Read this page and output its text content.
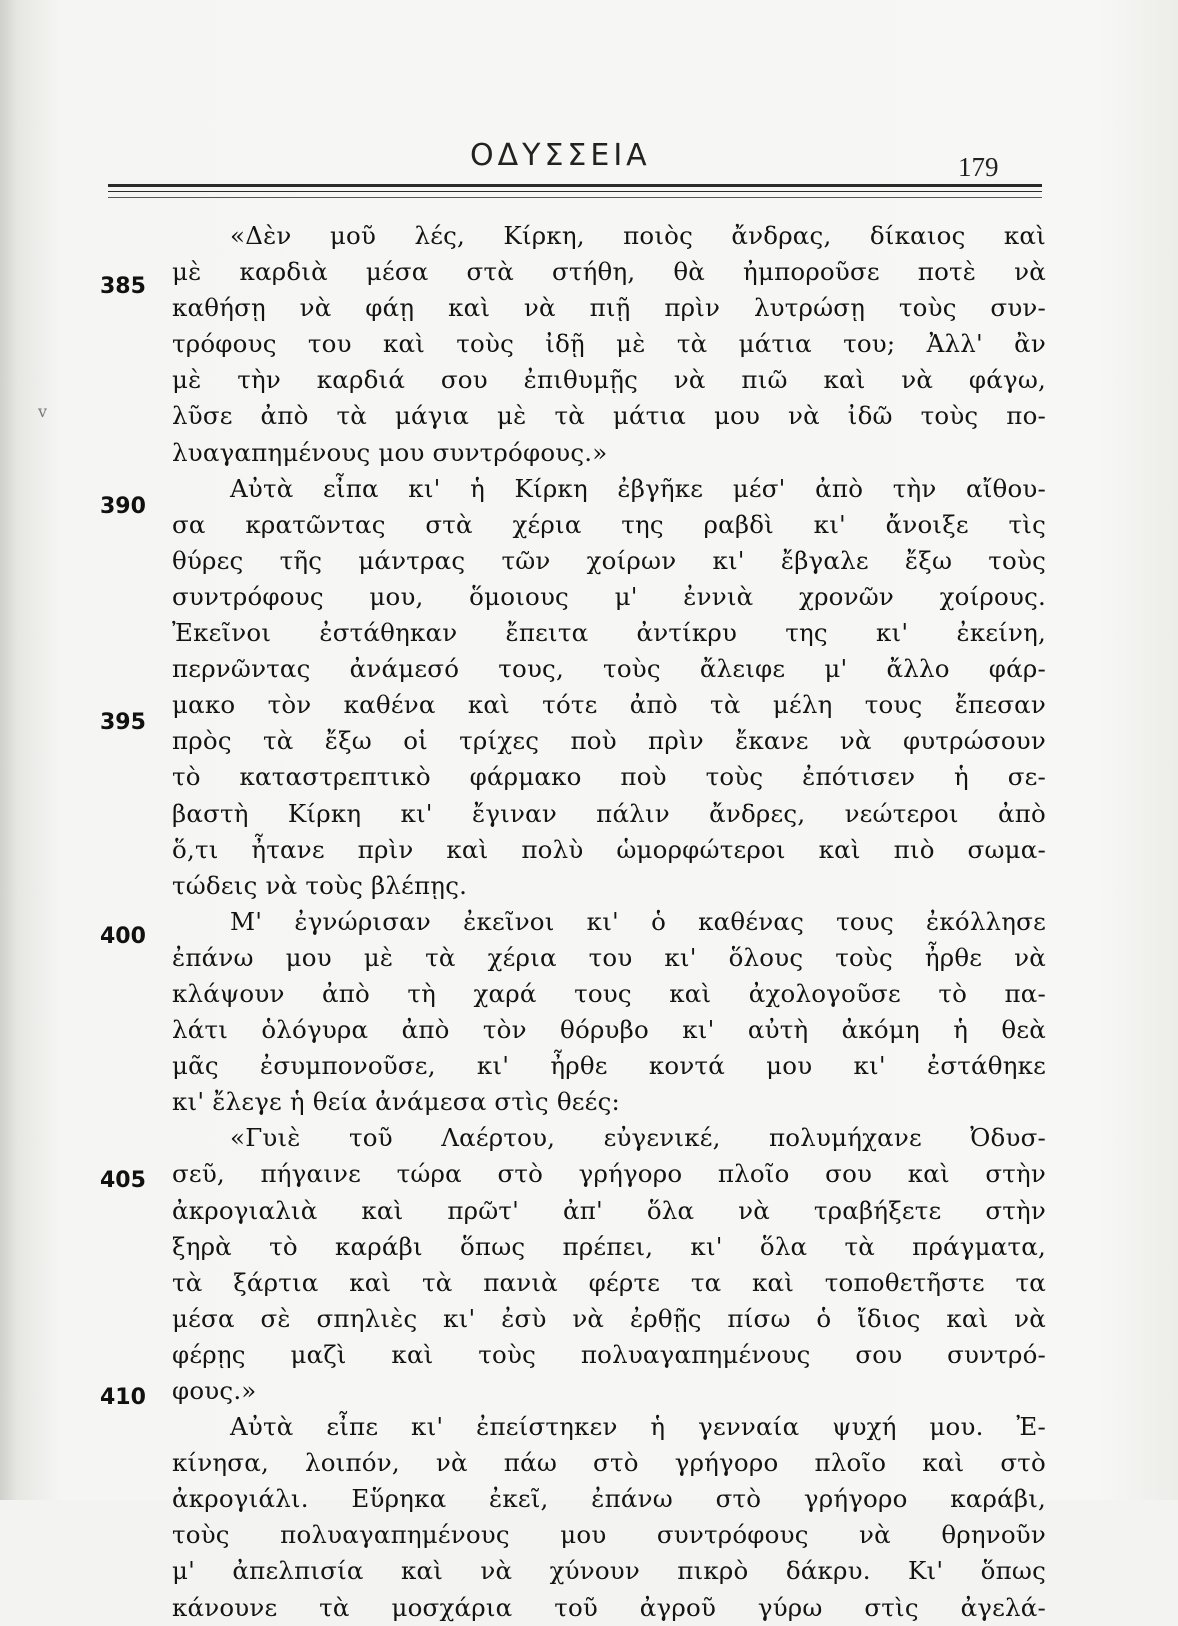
ΟΔΥΣΣΕΙΑ	179
v
385
390
395
400
405
410
«Δὲν μοῦ λές, Κίρκη, ποιὸς ἄνδρας, δίκαιος καὶ
μὲ καρδιὰ μέσα στὰ στήθη, θὰ ἠμποροῦσε ποτὲ νὰ
καθήσῃ νὰ φάῃ καὶ νὰ πιῇ πρὶν λυτρώσῃ τοὺς συν-
τρόφους του καὶ τοὺς ἰδῇ μὲ τὰ μάτια του; Ἀλλ' ἂν
μὲ τὴν καρδιά σου ἐπιθυμῇς νὰ πιῶ καὶ νὰ φάγω,
λῦσε ἀπὸ τὰ μάγια μὲ τὰ μάτια μου νὰ ἰδῶ τοὺς πο-
λυαγαπημένους μου συντρόφους.»
Αὐτὰ εἶπα κι' ἡ Κίρκη ἐβγῆκε μέσ' ἀπὸ τὴν αἴθου-
σα κρατῶντας στὰ χέρια της ραβδὶ κι' ἄνοιξε τὶς
θύρες τῆς μάντρας τῶν χοίρων κι' ἔβγαλε ἔξω τοὺς
συντρόφους μου, ὅμοιους μ' ἐννιὰ χρονῶν χοίρους.
Ἐκεῖνοι ἐστάθηκαν ἔπειτα ἀντίκρυ της κι' ἐκείνη,
περνῶντας ἀνάμεσό τους, τοὺς ἄλειφε μ' ἄλλο φάρ-
μακο τὸν καθένα καὶ τότε ἀπὸ τὰ μέλη τους ἔπεσαν
πρὸς τὰ ἔξω οἱ τρίχες ποὺ πρὶν ἔκανε νὰ φυτρώσουν
τὸ καταστρεπτικὸ φάρμακο ποὺ τοὺς ἐπότισεν ἡ σε-
βαστὴ Κίρκη κι' ἔγιναν πάλιν ἄνδρες, νεώτεροι ἀπὸ
ὅ,τι ἦτανε πρὶν καὶ πολὺ ὡμορφώτεροι καὶ πιὸ σωμα-
τώδεις νὰ τοὺς βλέπῃς.
Μ' ἐγνώρισαν ἐκεῖνοι κι' ὁ καθένας τους ἐκόλλησε
ἐπάνω μου μὲ τὰ χέρια του κι' ὅλους τοὺς ἦρθε νὰ
κλάψουν ἀπὸ τὴ χαρά τους καὶ ἀχολογοῦσε τὸ πα-
λάτι ὁλόγυρα ἀπὸ τὸν θόρυβο κι' αὐτὴ ἀκόμη ἡ θεὰ
μᾶς ἐσυμπονοῦσε, κι' ἦρθε κοντά μου κι' ἐστάθηκε
κι' ἔλεγε ἡ θεία ἀνάμεσα στὶς θεές:
«Γυιὲ τοῦ Λαέρτου, εὐγενικέ, πολυμήχανε Ὀδυσ-
σεῦ, πήγαινε τώρα στὸ γρήγορο πλοῖο σου καὶ στὴν
ἀκρογιαλιὰ καὶ πρῶτ' ἀπ' ὅλα νὰ τραβήξετε στὴν
ξηρὰ τὸ καράβι ὅπως πρέπει, κι' ὅλα τὰ πράγματα,
τὰ ξάρτια καὶ τὰ πανιὰ φέρτε τα καὶ τοποθετῆστε τα
μέσα σὲ σπηλιὲς κι' ἐσὺ νὰ ἐρθῇς πίσω ὁ ἴδιος καὶ νὰ
φέρῃς μαζὶ καὶ τοὺς πολυαγαπημένους σου συντρό-
φους.»
Αὐτὰ εἶπε κι' ἐπείστηκεν ἡ γενναία ψυχή μου. Ἐ-
κίνησα, λοιπόν, νὰ πάω στὸ γρήγορο πλοῖο καὶ στὸ
ἀκρογιάλι. Εὕρηκα ἐκεῖ, ἐπάνω στὸ γρήγορο καράβι,
τοὺς πολυαγαπημένους μου συντρόφους νὰ θρηνοῦν
μ' ἀπελπισία καὶ νὰ χύνουν πικρὸ δάκρυ. Κι' ὅπως
κάνουνε τὰ μοσχάρια τοῦ ἀγροῦ γύρω στὶς ἀγελά-
